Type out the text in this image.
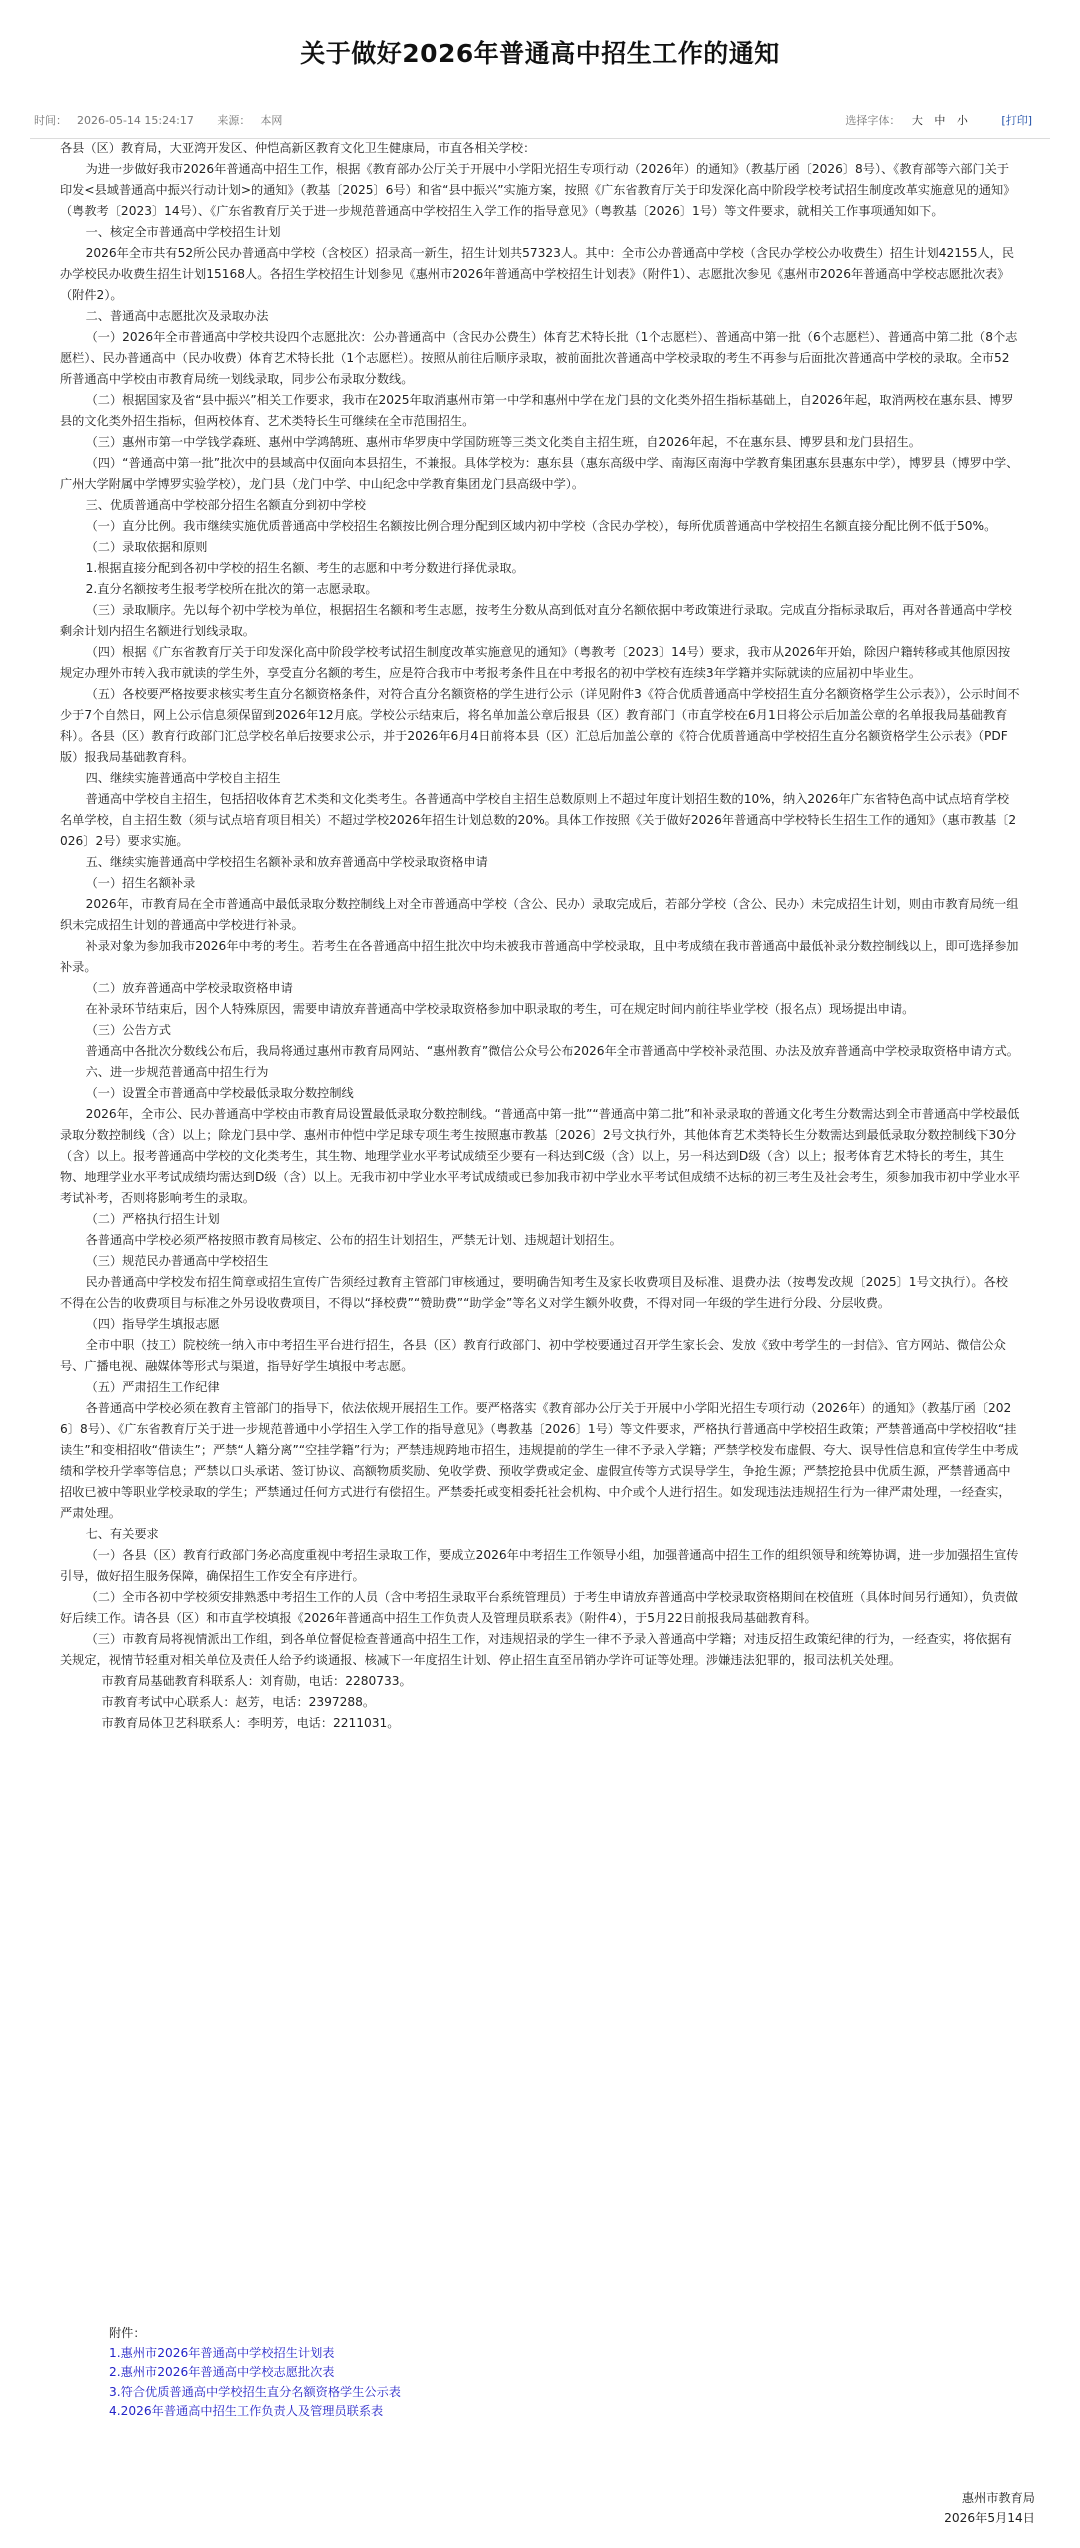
关于做好2026年普通高中招生工作的通知
时间： 2026-05-14 15:24:17 来源： 本网	选择字体： 大 中 小	[打印]

各县（区）教育局，大亚湾开发区、仲恺高新区教育文化卫生健康局，市直各相关学校：

为进一步做好我市2026年普通高中招生工作，根据《教育部办公厅关于开展中小学阳光招生专项行动（2026年）的通知》（教基厅函〔2026〕8号）、《教育部等六部门关于印发<县域普通高中振兴行动计划>的通知》（教基〔2025〕6号）和省“县中振兴”实施方案，按照《广东省教育厅关于印发深化高中阶段学校考试招生制度改革实施意见的通知》（粤教考〔2023〕14号）、《广东省教育厅关于进一步规范普通高中学校招生入学工作的指导意见》（粤教基〔2026〕1号）等文件要求，就相关工作事项通知如下。

一、核定全市普通高中学校招生计划

2026年全市共有52所公民办普通高中学校（含校区）招录高一新生，招生计划共57323人。其中：全市公办普通高中学校（含民办学校公办收费生）招生计划42155人，民办学校民办收费生招生计划15168人。各招生学校招生计划参见《惠州市2026年普通高中学校招生计划表》（附件1）、志愿批次参见《惠州市2026年普通高中学校志愿批次表》（附件2）。

二、普通高中志愿批次及录取办法

（一）2026年全市普通高中学校共设四个志愿批次：公办普通高中（含民办公费生）体育艺术特长批（1个志愿栏）、普通高中第一批（6个志愿栏）、普通高中第二批（8个志愿栏）、民办普通高中（民办收费）体育艺术特长批（1个志愿栏）。按照从前往后顺序录取，被前面批次普通高中学校录取的考生不再参与后面批次普通高中学校的录取。全市52所普通高中学校由市教育局统一划线录取，同步公布录取分数线。

（二）根据国家及省“县中振兴”相关工作要求，我市在2025年取消惠州市第一中学和惠州中学在龙门县的文化类外招生指标基础上，自2026年起，取消两校在惠东县、博罗县的文化类外招生指标，但两校体育、艺术类特长生可继续在全市范围招生。

（三）惠州市第一中学钱学森班、惠州中学鸿鹄班、惠州市华罗庚中学国防班等三类文化类自主招生班，自2026年起，不在惠东县、博罗县和龙门县招生。

（四）“普通高中第一批”批次中的县域高中仅面向本县招生，不兼报。具体学校为：惠东县（惠东高级中学、南海区南海中学教育集团惠东县惠东中学），博罗县（博罗中学、广州大学附属中学博罗实验学校），龙门县（龙门中学、中山纪念中学教育集团龙门县高级中学）。

三、优质普通高中学校部分招生名额直分到初中学校

（一）直分比例。我市继续实施优质普通高中学校招生名额按比例合理分配到区域内初中学校（含民办学校），每所优质普通高中学校招生名额直接分配比例不低于50%。

（二）录取依据和原则

1.根据直接分配到各初中学校的招生名额、考生的志愿和中考分数进行择优录取。

2.直分名额按考生报考学校所在批次的第一志愿录取。

（三）录取顺序。先以每个初中学校为单位，根据招生名额和考生志愿，按考生分数从高到低对直分名额依据中考政策进行录取。完成直分指标录取后，再对各普通高中学校剩余计划内招生名额进行划线录取。

（四）根据《广东省教育厅关于印发深化高中阶段学校考试招生制度改革实施意见的通知》（粤教考〔2023〕14号）要求，我市从2026年开始，除因户籍转移或其他原因按规定办理外市转入我市就读的学生外，享受直分名额的考生，应是符合我市中考报考条件且在中考报名的初中学校有连续3年学籍并实际就读的应届初中毕业生。

（五）各校要严格按要求核实考生直分名额资格条件，对符合直分名额资格的学生进行公示（详见附件3《符合优质普通高中学校招生直分名额资格学生公示表》），公示时间不少于7个自然日，网上公示信息须保留到2026年12月底。学校公示结束后，将名单加盖公章后报县（区）教育部门（市直学校在6月1日将公示后加盖公章的名单报我局基础教育科）。各县（区）教育行政部门汇总学校名单后按要求公示，并于2026年6月4日前将本县（区）汇总后加盖公章的《符合优质普通高中学校招生直分名额资格学生公示表》（PDF版）报我局基础教育科。

四、继续实施普通高中学校自主招生

普通高中学校自主招生，包括招收体育艺术类和文化类考生。各普通高中学校自主招生总数原则上不超过年度计划招生数的10%，纳入2026年广东省特色高中试点培育学校名单学校，自主招生数（须与试点培育项目相关）不超过学校2026年招生计划总数的20%。具体工作按照《关于做好2026年普通高中学校特长生招生工作的通知》（惠市教基〔2026〕2号）要求实施。

五、继续实施普通高中学校招生名额补录和放弃普通高中学校录取资格申请

（一）招生名额补录

2026年，市教育局在全市普通高中最低录取分数控制线上对全市普通高中学校（含公、民办）录取完成后，若部分学校（含公、民办）未完成招生计划，则由市教育局统一组织未完成招生计划的普通高中学校进行补录。

补录对象为参加我市2026年中考的考生。若考生在各普通高中招生批次中均未被我市普通高中学校录取，且中考成绩在我市普通高中最低补录分数控制线以上，即可选择参加补录。

（二）放弃普通高中学校录取资格申请

在补录环节结束后，因个人特殊原因，需要申请放弃普通高中学校录取资格参加中职录取的考生，可在规定时间内前往毕业学校（报名点）现场提出申请。

（三）公告方式

普通高中各批次分数线公布后，我局将通过惠州市教育局网站、“惠州教育”微信公众号公布2026年全市普通高中学校补录范围、办法及放弃普通高中学校录取资格申请方式。

六、进一步规范普通高中招生行为

（一）设置全市普通高中学校最低录取分数控制线

2026年，全市公、民办普通高中学校由市教育局设置最低录取分数控制线。“普通高中第一批”“普通高中第二批”和补录录取的普通文化考生分数需达到全市普通高中学校最低录取分数控制线（含）以上；除龙门县中学、惠州市仲恺中学足球专项生考生按照惠市教基〔2026〕2号文执行外，其他体育艺术类特长生分数需达到最低录取分数控制线下30分（含）以上。报考普通高中学校的文化类考生，其生物、地理学业水平考试成绩至少要有一科达到C级（含）以上，另一科达到D级（含）以上；报考体育艺术特长的考生，其生物、地理学业水平考试成绩均需达到D级（含）以上。无我市初中学业水平考试成绩或已参加我市初中学业水平考试但成绩不达标的初三考生及社会考生，须参加我市初中学业水平考试补考，否则将影响考生的录取。

（二）严格执行招生计划

各普通高中学校必须严格按照市教育局核定、公布的招生计划招生，严禁无计划、违规超计划招生。

（三）规范民办普通高中学校招生

民办普通高中学校发布招生简章或招生宣传广告须经过教育主管部门审核通过，要明确告知考生及家长收费项目及标准、退费办法（按粤发改规〔2025〕1号文执行）。各校不得在公告的收费项目与标准之外另设收费项目，不得以“择校费”“赞助费”“助学金”等名义对学生额外收费，不得对同一年级的学生进行分段、分层收费。

（四）指导学生填报志愿

全市中职（技工）院校统一纳入市中考招生平台进行招生，各县（区）教育行政部门、初中学校要通过召开学生家长会、发放《致中考学生的一封信》、官方网站、微信公众号、广播电视、融媒体等形式与渠道，指导好学生填报中考志愿。

（五）严肃招生工作纪律

各普通高中学校必须在教育主管部门的指导下，依法依规开展招生工作。要严格落实《教育部办公厅关于开展中小学阳光招生专项行动（2026年）的通知》（教基厅函〔2026〕8号）、《广东省教育厅关于进一步规范普通中小学招生入学工作的指导意见》（粤教基〔2026〕1号）等文件要求，严格执行普通高中学校招生政策；严禁普通高中学校招收“挂读生”和变相招收“借读生”；严禁“人籍分离”“空挂学籍”行为；严禁违规跨地市招生，违规提前的学生一律不予录入学籍；严禁学校发布虚假、夸大、误导性信息和宣传学生中考成绩和学校升学率等信息；严禁以口头承诺、签订协议、高额物质奖励、免收学费、预收学费或定金、虚假宣传等方式误导学生，争抢生源；严禁挖抢县中优质生源，严禁普通高中招收已被中等职业学校录取的学生；严禁通过任何方式进行有偿招生。严禁委托或变相委托社会机构、中介或个人进行招生。如发现违法违规招生行为一律严肃处理，一经查实，严肃处理。

七、有关要求

（一）各县（区）教育行政部门务必高度重视中考招生录取工作，要成立2026年中考招生工作领导小组，加强普通高中招生工作的组织领导和统筹协调，进一步加强招生宣传引导，做好招生服务保障，确保招生工作安全有序进行。

（二）全市各初中学校须安排熟悉中考招生工作的人员（含中考招生录取平台系统管理员）于考生申请放弃普通高中学校录取资格期间在校值班（具体时间另行通知），负责做好后续工作。请各县（区）和市直学校填报《2026年普通高中招生工作负责人及管理员联系表》（附件4），于5月22日前报我局基础教育科。

（三）市教育局将视情派出工作组，到各单位督促检查普通高中招生工作，对违规招录的学生一律不予录入普通高中学籍；对违反招生政策纪律的行为，一经查实，将依据有关规定，视情节轻重对相关单位及责任人给予约谈通报、核减下一年度招生计划、停止招生直至吊销办学许可证等处理。涉嫌违法犯罪的，报司法机关处理。

市教育局基础教育科联系人：刘育勋，电话：2280733。

市教育考试中心联系人：赵芳，电话：2397288。

市教育局体卫艺科联系人：李明芳，电话：2211031。

附件：
1.惠州市2026年普通高中学校招生计划表
2.惠州市2026年普通高中学校志愿批次表
3.符合优质普通高中学校招生直分名额资格学生公示表
4.2026年普通高中招生工作负责人及管理员联系表
惠州市教育局
2026年5月14日
